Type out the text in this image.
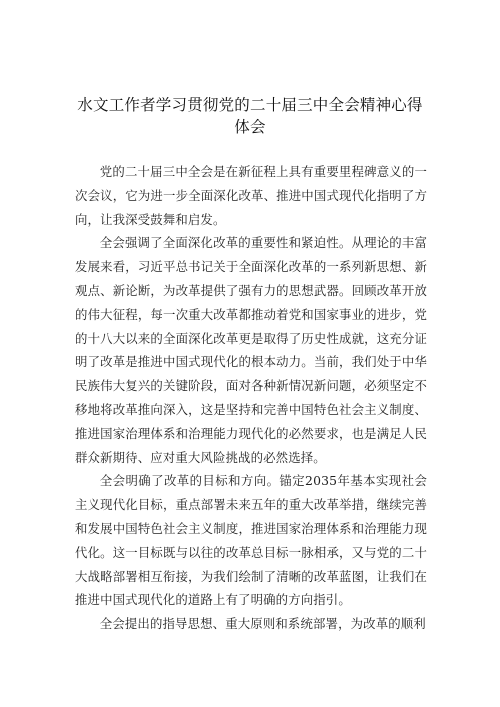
水文工作者学习贯彻党的二十届三中全会精神心得体会

党的二十届三中全会是在新征程上具有重要里程碑意义的一次会议，它为进一步全面深化改革、推进中国式现代化指明了方向，让我深受鼓舞和启发。

全会强调了全面深化改革的重要性和紧迫性。从理论的丰富发展来看，习近平总书记关于全面深化改革的一系列新思想、新观点、新论断，为改革提供了强有力的思想武器。回顾改革开放的伟大征程，每一次重大改革都推动着党和国家事业的进步，党的十八大以来的全面深化改革更是取得了历史性成就，这充分证明了改革是推进中国式现代化的根本动力。当前，我们处于中华民族伟大复兴的关键阶段，面对各种新情况新问题，必须坚定不移地将改革推向深入，这是坚持和完善中国特色社会主义制度、推进国家治理体系和治理能力现代化的必然要求，也是满足人民群众新期待、应对重大风险挑战的必然选择。

全会明确了改革的目标和方向。锚定2035年基本实现社会主义现代化目标，重点部署未来五年的重大改革举措，继续完善和发展中国特色社会主义制度，推进国家治理体系和治理能力现代化。这一目标既与以往的改革总目标一脉相承，又与党的二十大战略部署相互衔接，为我们绘制了清晰的改革蓝图，让我们在推进中国式现代化的道路上有了明确的方向指引。

全会提出的指导思想、重大原则和系统部署，为改革的顺利
